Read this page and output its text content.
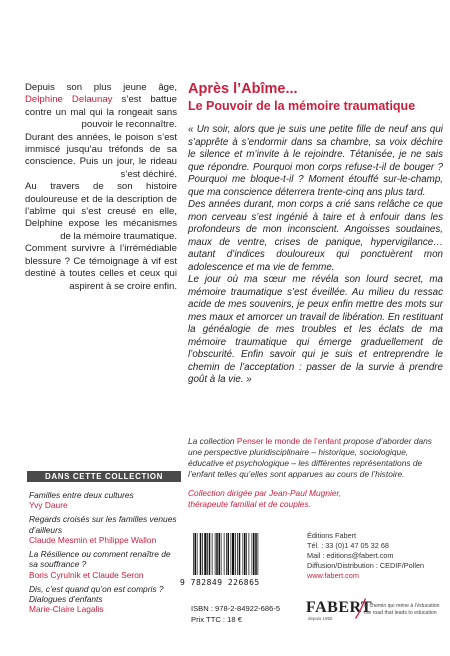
Depuis son plus jeune âge, Delphine Delaunay s’est battue contre un mal qui la rongeait sans pouvoir le reconnaître.

Durant des années, le poison s’est immiscé jusqu’au tréfonds de sa conscience. Puis un jour, le rideau s’est déchiré.

Au travers de son histoire douloureuse et de la description de l’abîme qui s’est creusé en elle, Delphine expose les mécanismes de la mémoire traumatique.

Comment survivre à l’irrémédiable blessure ? Ce témoignage à vif est destiné à toutes celles et ceux qui aspirent à se croire enfin.

Après l’Abîme...
Le Pouvoir de la mémoire traumatique

« Un soir, alors que je suis une petite fille de neuf ans qui s’apprête à s’endormir dans sa chambre, sa voix déchire le silence et m’invite à le rejoindre. Tétanisée, je ne sais que répondre. Pourquoi mon corps refuse-t-il de bouger ? Pourquoi me bloque-t-il ? Moment étouffé sur-le-champ, que ma conscience déterrera trente-cinq ans plus tard.

Des années durant, mon corps a crié sans relâche ce que mon cerveau s’est ingénié à taire et à enfouir dans les profondeurs de mon inconscient. Angoisses soudaines, maux de ventre, crises de panique, hypervigilance… autant d’indices douloureux qui ponctuèrent mon adolescence et ma vie de femme.

Le jour où ma sœur me révéla son lourd secret, ma mémoire traumatique s’est éveillée. Au milieu du ressac acide de mes souvenirs, je peux enfin mettre des mots sur mes maux et amorcer un travail de libération. En restituant la généalogie de mes troubles et les éclats de ma mémoire traumatique qui émerge graduellement de l’obscurité. Enfin savoir qui je suis et entreprendre le chemin de l’acceptation : passer de la survie à prendre goût à la vie. »

La collection Penser le monde de l’enfant propose d’aborder dans une perspective pluridisciplinaire – historique, sociologique, éducative et psychologique – les différentes représentations de l’enfant telles qu’elles sont apparues au cours de l’histoire.
Collection dirigée par Jean-Paul Mugnier,
thérapeute familial et de couples.
DANS CETTE COLLECTION
Familles entre deux cultures
Yvy Daure
Regards croisés sur les familles venues d’ailleurs
Claude Mesmin et Philippe Wallon
La Résilience ou comment renaître de sa souffrance ?
Boris Cyrulnik et Claude Seron
Dis, c’est quand qu’on est compris ? Dialogues d’enfants
Marie-Claire Lagalis
9 782849 226865
ISBN : 978-2-84922-686-5
Prix TTC : 18 €
Éditions Fabert
Tél. : 33 (0)1 47 05 32 68
Mail : editions@fabert.com
Diffusion/Distribution : CEDIF/Pollen
www.fabert.com
FABERT
depuis 1955
le chemin qui mène à l’éducation
the road that leads to education
